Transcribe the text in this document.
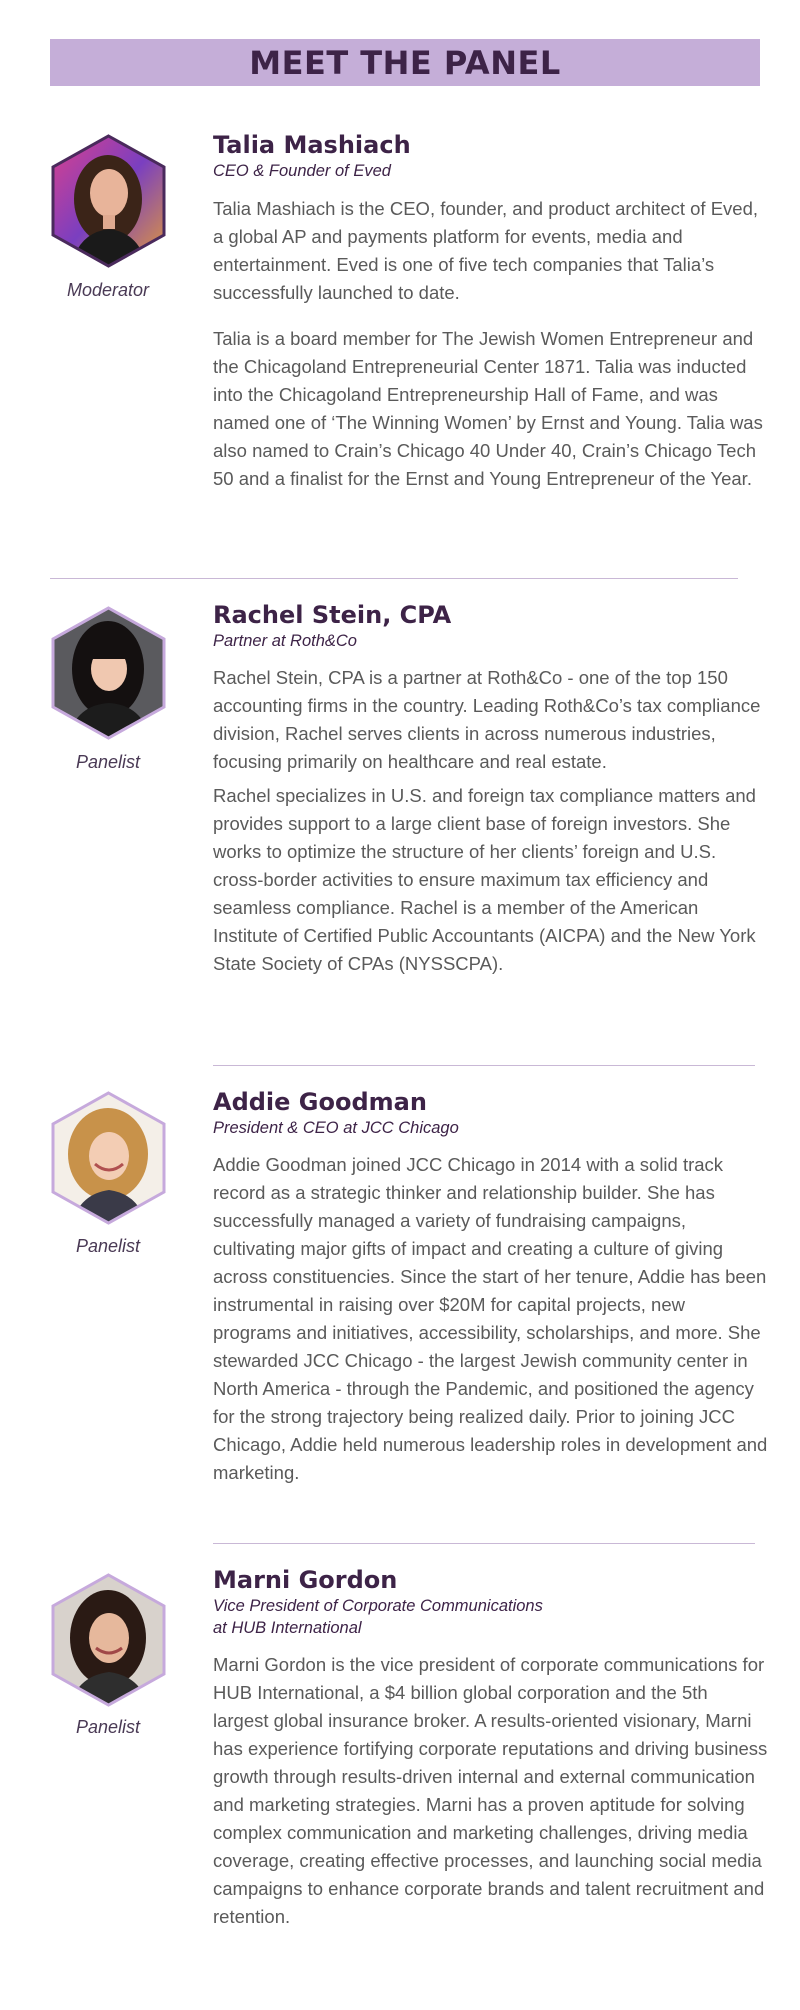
MEET THE PANEL
Moderator

Talia Mashiach

CEO & Founder of Eved

Talia Mashiach is the CEO, founder, and product architect of Eved, a global AP and payments platform for events, media and entertainment. Eved is one of five tech companies that Talia’s successfully launched to date.

Talia is a board member for The Jewish Women Entrepreneur and the Chicagoland Entrepreneurial Center 1871. Talia was inducted into the Chicagoland Entrepreneurship Hall of Fame, and was named one of ‘The Winning Women’ by Ernst and Young. Talia was also named to Crain’s Chicago 40 Under 40, Crain’s Chicago Tech 50 and a finalist for the Ernst and Young Entrepreneur of the Year.

Panelist

Rachel Stein, CPA

Partner at Roth&Co

Rachel Stein, CPA is a partner at Roth&Co - one of the top 150 accounting firms in the country. Leading Roth&Co’s tax compliance division, Rachel serves clients in across numerous industries, focusing primarily on healthcare and real estate.

Rachel specializes in U.S. and foreign tax compliance matters and provides support to a large client base of foreign investors. She works to optimize the structure of her clients’ foreign and U.S. cross-border activities to ensure maximum tax efficiency and seamless compliance. Rachel is a member of the American Institute of Certified Public Accountants (AICPA) and the New York State Society of CPAs (NYSSCPA).

Panelist

Addie Goodman

President & CEO at JCC Chicago

Addie Goodman joined JCC Chicago in 2014 with a solid track record as a strategic thinker and relationship builder. She has successfully managed a variety of fundraising campaigns, cultivating major gifts of impact and creating a culture of giving across constituencies. Since the start of her tenure, Addie has been instrumental in raising over $20M for capital projects, new programs and initiatives, accessibility, scholarships, and more. She stewarded JCC Chicago - the largest Jewish community center in North America - through the Pandemic, and positioned the agency for the strong trajectory being realized daily. Prior to joining JCC Chicago, Addie held numerous leadership roles in development and marketing.

Panelist

Marni Gordon

Vice President of Corporate Communications

at HUB International

Marni Gordon is the vice president of corporate communications for HUB International, a $4 billion global corporation and the 5th largest global insurance broker. A results-oriented visionary, Marni has experience fortifying corporate reputations and driving business growth through results-driven internal and external communication and marketing strategies. Marni has a proven aptitude for solving complex communication and marketing challenges, driving media coverage, creating effective processes, and launching social media campaigns to enhance corporate brands and talent recruitment and retention.
